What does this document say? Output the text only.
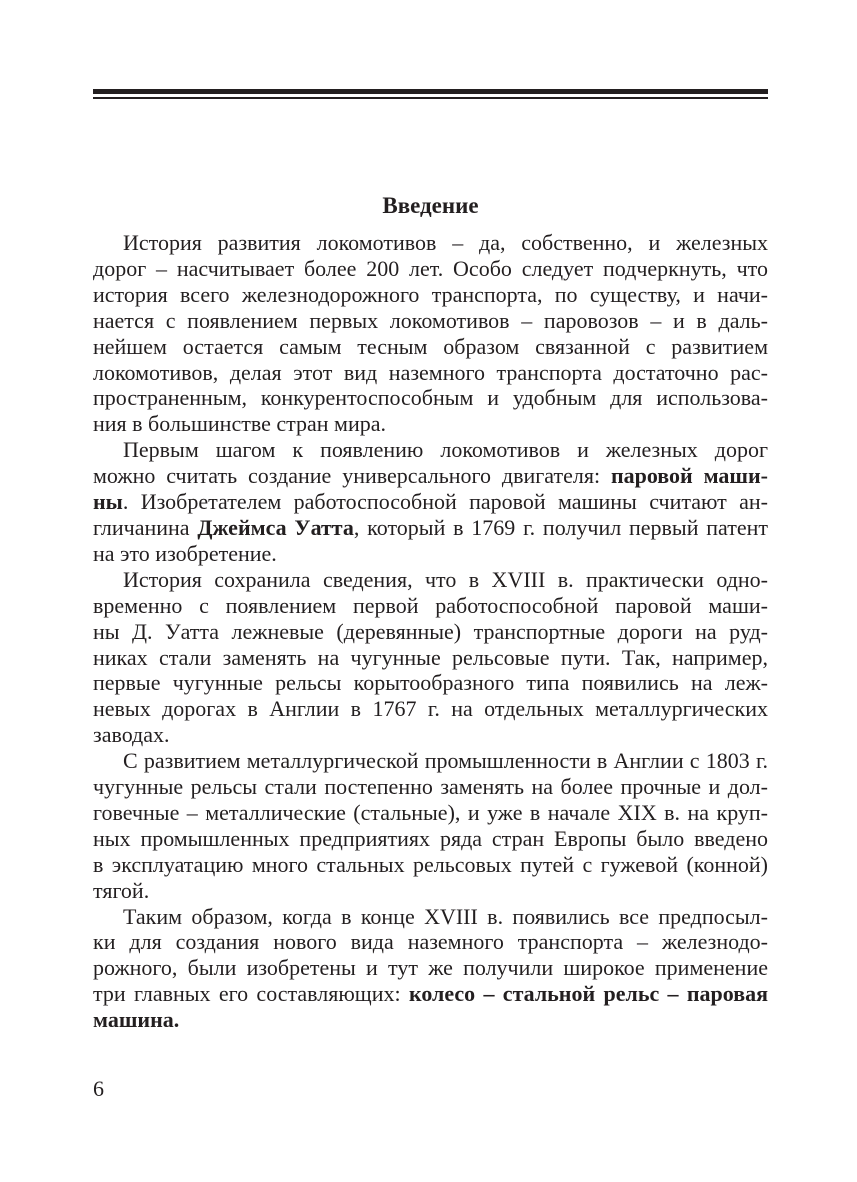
Введение
История развития локомотивов – да, собственно, и железных
дорог – насчитывает более 200 лет. Особо следует подчеркнуть, что
история всего железнодорожного транспорта, по существу, и начи-
нается с появлением первых локомотивов – паровозов – и в даль-
нейшем остается самым тесным образом связанной с развитием
локомотивов, делая этот вид наземного транспорта достаточно рас-
пространенным, конкурентоспособным и удобным для использова-
ния в большинстве стран мира.
Первым шагом к появлению локомотивов и железных дорог
можно считать создание универсального двигателя: паровой маши-
ны. Изобретателем работоспособной паровой машины считают ан-
гличанина Джеймса Уатта, который в 1769 г. получил первый патент
на это изобретение.
История сохранила сведения, что в XVIII в. практически одно-
временно с появлением первой работоспособной паровой маши-
ны Д. Уатта лежневые (деревянные) транспортные дороги на руд-
никах стали заменять на чугунные рельсовые пути. Так, например,
первые чугунные рельсы корытообразного типа появились на леж-
невых дорогах в Англии в 1767 г. на отдельных металлургических
заводах.
С развитием металлургической промышленности в Англии с 1803 г.
чугунные рельсы стали постепенно заменять на более прочные и дол-
говечные – металлические (стальные), и уже в начале XIX в. на круп-
ных промышленных предприятиях ряда стран Европы было введено
в эксплуатацию много стальных рельсовых путей с гужевой (конной)
тягой.
Таким образом, когда в конце XVIII в. появились все предпосыл-
ки для создания нового вида наземного транспорта – железнодо-
рожного, были изобретены и тут же получили широкое применение
три главных его составляющих: колесо – стальной рельс – паровая
машина.
6
